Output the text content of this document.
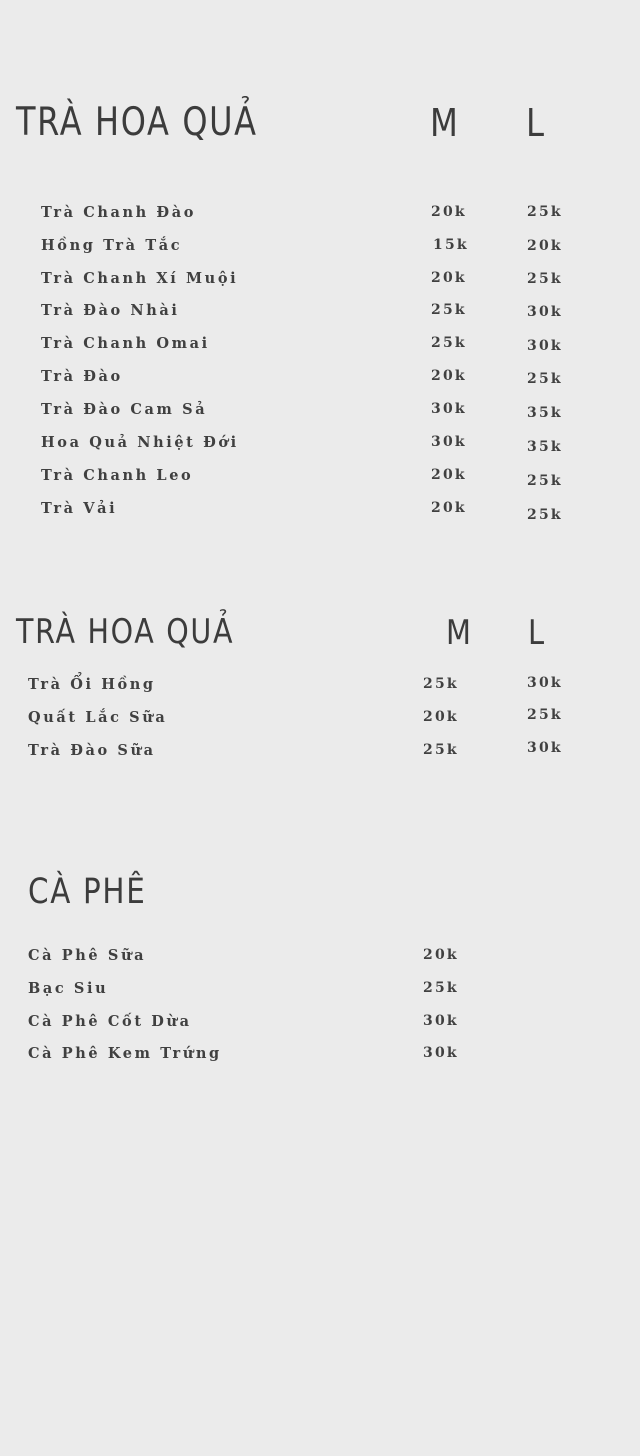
TRÀ HOA QUẢ	M L
Trà Chanh Đào	20k	25k
Hồng Trà Tắc	15k	20k
Trà Chanh Xí Muội	20k	25k
Trà Đào Nhài	25k	30k
Trà Chanh Omai	25k	30k
Trà Đào	20k	25k
Trà Đào Cam Sả	30k	35k
Hoa Quả Nhiệt Đới	30k	35k
Trà Chanh Leo	20k	25k
Trà Vải	20k	25k
TRÀ HOA QUẢ	M L
Trà Ổi Hồng	25k	30k
Quất Lắc Sữa	20k	25k
Trà Đào Sữa	25k	30k
CÀ PHÊ
Cà Phê Sữa	20k
Bạc Siu	25k
Cà Phê Cốt Dừa	30k
Cà Phê Kem Trứng	30k
